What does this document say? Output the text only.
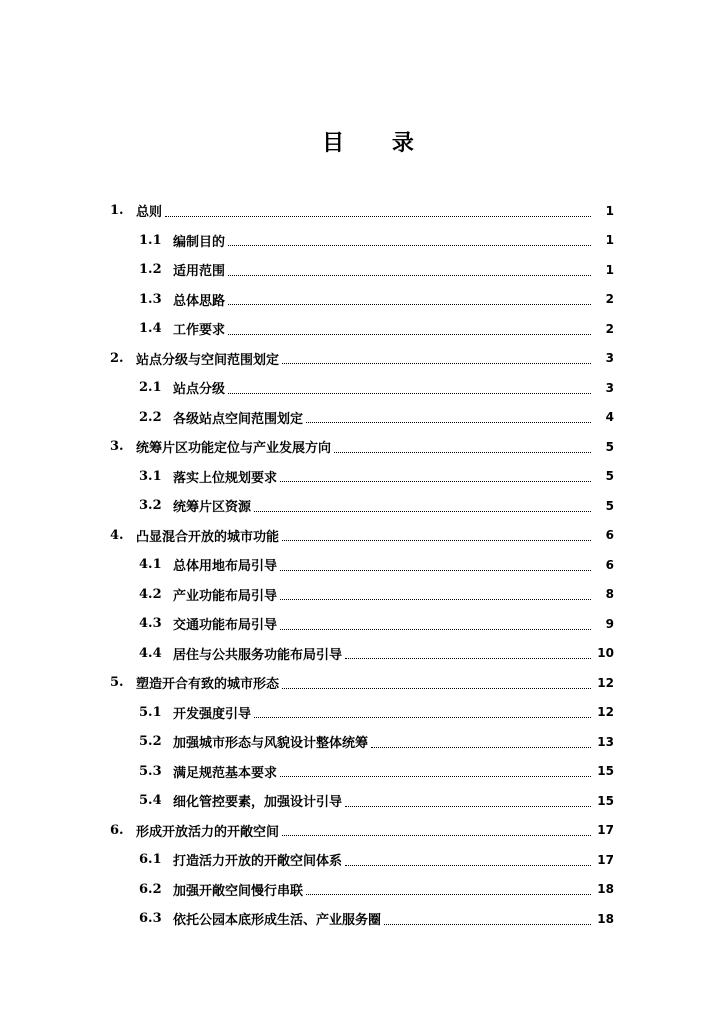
目 录
1. 总则	1
1.1 编制目的	1
1.2 适用范围	1
1.3 总体思路	2
1.4 工作要求	2
2. 站点分级与空间范围划定	3
2.1 站点分级	3
2.2 各级站点空间范围划定	4
3. 统筹片区功能定位与产业发展方向	5
3.1 落实上位规划要求	5
3.2 统筹片区资源	5
4. 凸显混合开放的城市功能	6
4.1 总体用地布局引导	6
4.2 产业功能布局引导	8
4.3 交通功能布局引导	9
4.4 居住与公共服务功能布局引导	10
5. 塑造开合有致的城市形态	12
5.1 开发强度引导	12
5.2 加强城市形态与风貌设计整体统筹	13
5.3 满足规范基本要求	15
5.4 细化管控要素，加强设计引导	15
6. 形成开放活力的开敞空间	17
6.1 打造活力开放的开敞空间体系	17
6.2 加强开敞空间慢行串联	18
6.3 依托公园本底形成生活、产业服务圈	18
